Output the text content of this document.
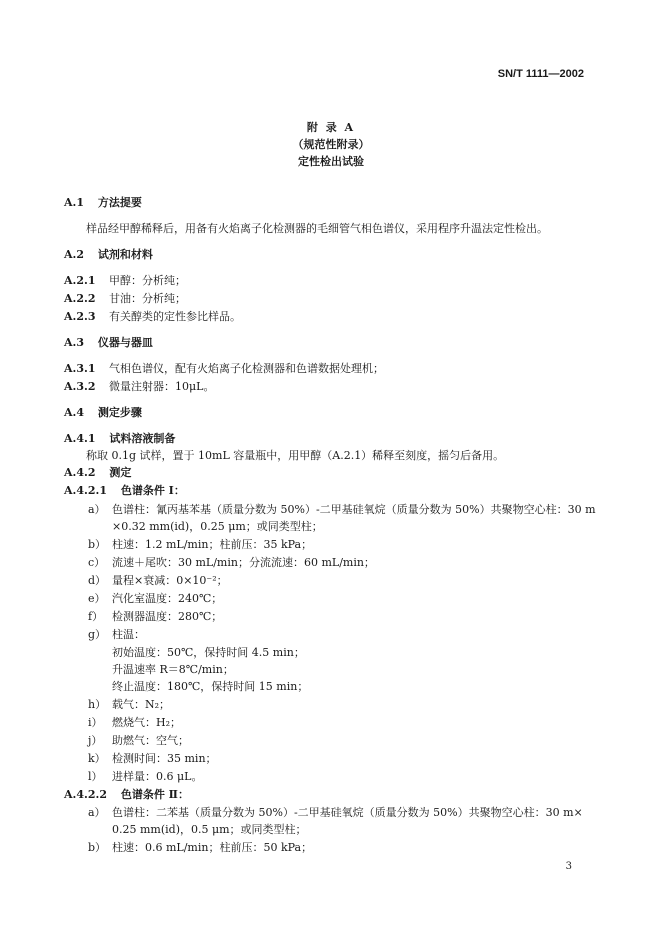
SN/T 1111—2002
附 录 A
（规范性附录）
定性检出试验
A.1 方法提要
样品经甲醇稀释后，用备有火焰离子化检测器的毛细管气相色谱仪，采用程序升温法定性检出。
A.2 试剂和材料
A.2.1 甲醇：分析纯；
A.2.2 甘油：分析纯；
A.2.3 有关醇类的定性参比样品。
A.3 仪器与器皿
A.3.1 气相色谱仪，配有火焰离子化检测器和色谱数据处理机；
A.3.2 微量注射器：10μL。
A.4 测定步骤
A.4.1 试料溶液制备
称取 0.1g 试样，置于 10mL 容量瓶中，用甲醇（A.2.1）稀释至刻度，摇匀后备用。
A.4.2 测定
A.4.2.1 色谱条件 Ⅰ：
a） 色谱柱：氰丙基苯基（质量分数为 50%）-二甲基硅氧烷（质量分数为 50%）共聚物空心柱：30 m
×0.32 mm(id)，0.25 μm；或同类型柱；
b） 柱速：1.2 mL/min；柱前压：35 kPa；
c） 流速＋尾吹：30 mL/min；分流流速：60 mL/min；
d） 量程×衰减：0×10⁻²；
e） 汽化室温度：240℃；
f） 检测器温度：280℃；
g） 柱温：
初始温度：50℃，保持时间 4.5 min；
升温速率 R＝8℃/min；
终止温度：180℃，保持时间 15 min；
h） 载气：N₂；
i） 燃烧气：H₂；
j） 助燃气：空气；
k） 检测时间：35 min；
l） 进样量：0.6 μL。
A.4.2.2 色谱条件 Ⅱ：
a） 色谱柱：二苯基（质量分数为 50%）-二甲基硅氧烷（质量分数为 50%）共聚物空心柱：30 m×
0.25 mm(id)，0.5 μm；或同类型柱；
b） 柱速：0.6 mL/min；柱前压：50 kPa；
3
